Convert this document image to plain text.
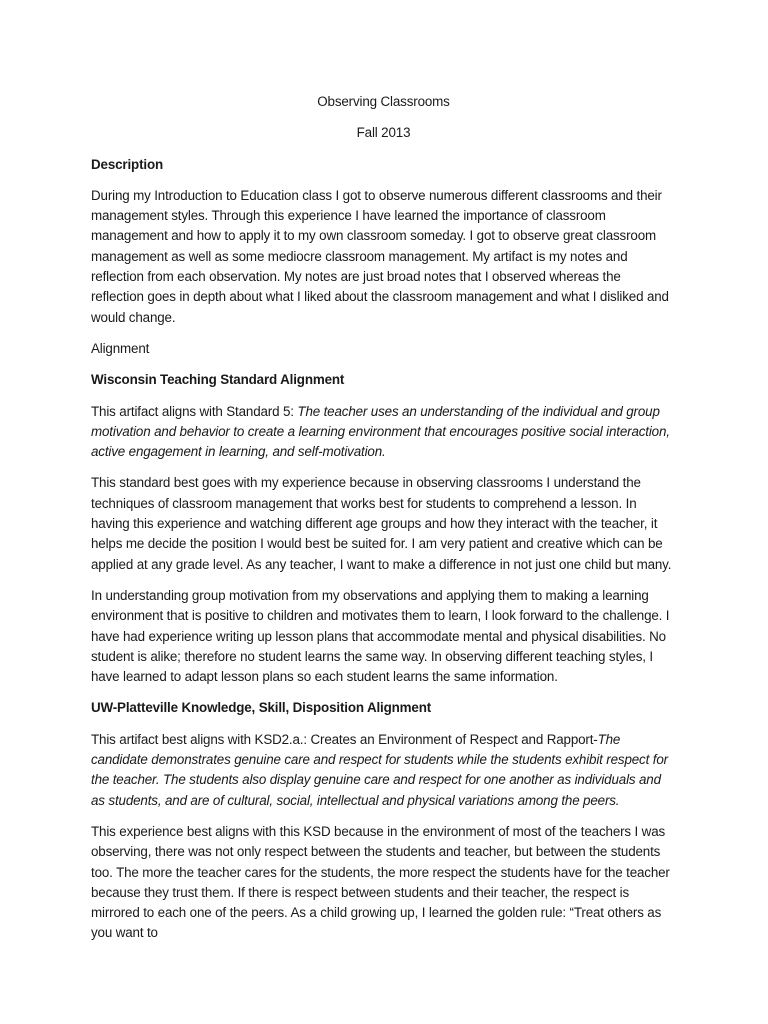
Observing Classrooms
Fall 2013
Description

During my Introduction to Education class I got to observe numerous different classrooms and their management styles. Through this experience I have learned the importance of classroom management and how to apply it to my own classroom someday. I got to observe great classroom management as well as some mediocre classroom management. My artifact is my notes and reflection from each observation. My notes are just broad notes that I observed whereas the reflection goes in depth about what I liked about the classroom management and what I disliked and would change.

Alignment
Wisconsin Teaching Standard Alignment

This artifact aligns with Standard 5: The teacher uses an understanding of the individual and group motivation and behavior to create a learning environment that encourages positive social interaction, active engagement in learning, and self-motivation.

This standard best goes with my experience because in observing classrooms I understand the techniques of classroom management that works best for students to comprehend a lesson. In having this experience and watching different age groups and how they interact with the teacher, it helps me decide the position I would best be suited for. I am very patient and creative which can be applied at any grade level. As any teacher, I want to make a difference in not just one child but many.

In understanding group motivation from my observations and applying them to making a learning environment that is positive to children and motivates them to learn, I look forward to the challenge. I have had experience writing up lesson plans that accommodate mental and physical disabilities. No student is alike; therefore no student learns the same way. In observing different teaching styles, I have learned to adapt lesson plans so each student learns the same information.

UW-Platteville Knowledge, Skill, Disposition Alignment

This artifact best aligns with KSD2.a.: Creates an Environment of Respect and Rapport-The candidate demonstrates genuine care and respect for students while the students exhibit respect for the teacher. The students also display genuine care and respect for one another as individuals and as students, and are of cultural, social, intellectual and physical variations among the peers.

This experience best aligns with this KSD because in the environment of most of the teachers I was observing, there was not only respect between the students and teacher, but between the students too. The more the teacher cares for the students, the more respect the students have for the teacher because they trust them. If there is respect between students and their teacher, the respect is mirrored to each one of the peers. As a child growing up, I learned the golden rule: “Treat others as you want to
